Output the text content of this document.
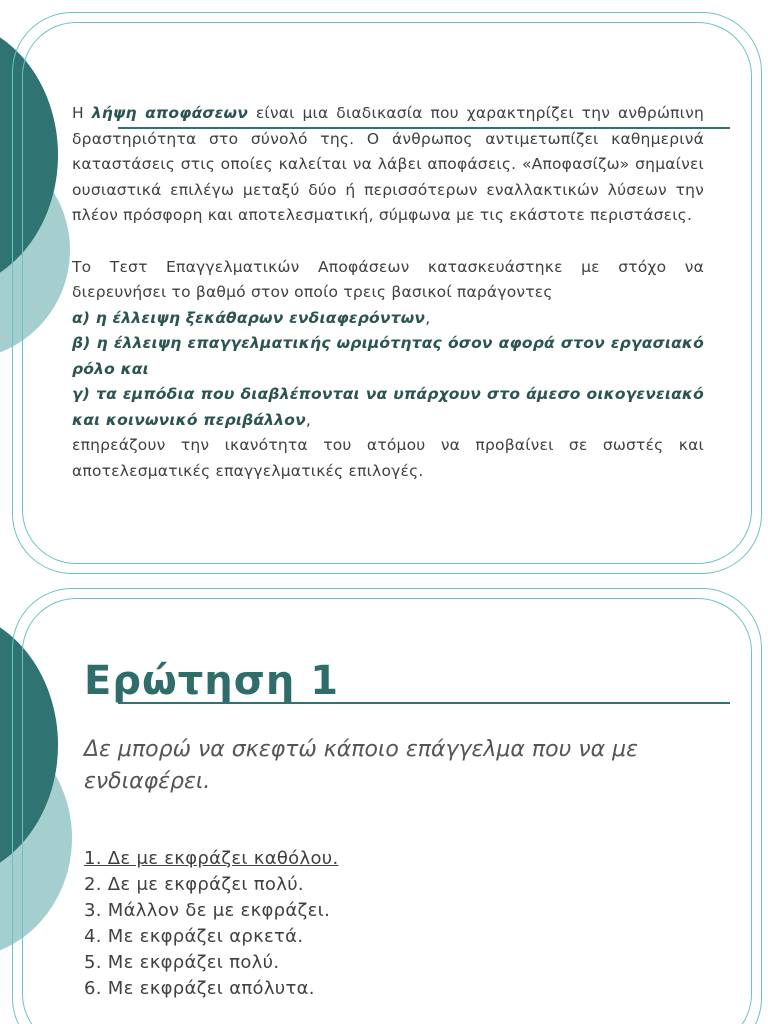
Η λήψη αποφάσεων είναι μια διαδικασία που χαρακτηρίζει την ανθρώπινη δραστηριότητα στο σύνολό της. Ο άνθρωπος αντιμετωπίζει καθημερινά καταστάσεις στις οποίες καλείται να λάβει αποφάσεις. «Αποφασίζω» σημαίνει ουσιαστικά επιλέγω μεταξύ δύο ή περισσότερων εναλλακτικών λύσεων την πλέον πρόσφορη και αποτελεσματική, σύμφωνα με τις εκάστοτε περιστάσεις.

Το Τεστ Επαγγελματικών Αποφάσεων κατασκευάστηκε με στόχο να διερευνήσει το βαθμό στον οποίο τρεις βασικοί παράγοντες
α) η έλλειψη ξεκάθαρων ενδιαφερόντων,
β) η έλλειψη επαγγελματικής ωριμότητας όσον αφορά στον εργασιακό ρόλο και
γ) τα εμπόδια που διαβλέπονται να υπάρχουν στο άμεσο οικογενειακό και κοινωνικό περιβάλλον,
επηρεάζουν την ικανότητα του ατόμου να προβαίνει σε σωστές και αποτελεσματικές επαγγελματικές επιλογές.

Ερώτηση 1
Δε μπορώ να σκεφτώ κάποιο επάγγελμα που να με ενδιαφέρει.
1. Δε με εκφράζει καθόλου.
2. Δε με εκφράζει πολύ.
3. Μάλλον δε με εκφράζει.
4. Με εκφράζει αρκετά.
5. Με εκφράζει πολύ.
6. Με εκφράζει απόλυτα.
